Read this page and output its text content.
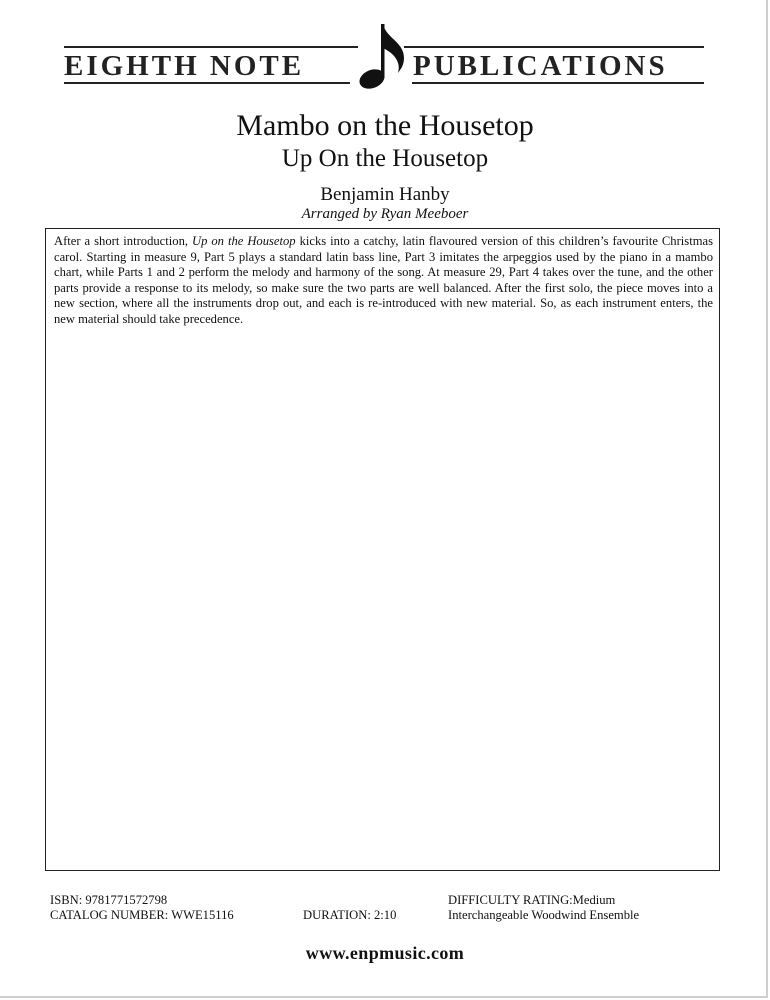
EIGHTH NOTE	PUBLICATIONS
Mambo on the Housetop
Up On the Housetop
Benjamin Hanby
Arranged by Ryan Meeboer

After a short introduction, Up on the Housetop kicks into a catchy, latin flavoured version of this children’s favourite Christmas carol. Starting in measure 9, Part 5 plays a standard latin bass line, Part 3 imitates the arpeggios used by the piano in a mambo chart, while Parts 1 and 2 perform the melody and harmony of the song. At measure 29, Part 4 takes over the tune, and the other parts provide a response to its melody, so make sure the two parts are well balanced. After the first solo, the piece moves into a new section, where all the instruments drop out, and each is re-introduced with new material. So, as each instrument enters, the new material should take precedence.

ISBN: 9781771572798
CATALOG NUMBER: WWE15116	DURATION: 2:10
DIFFICULTY RATING:Medium
Interchangeable Woodwind Ensemble
www.enpmusic.com
